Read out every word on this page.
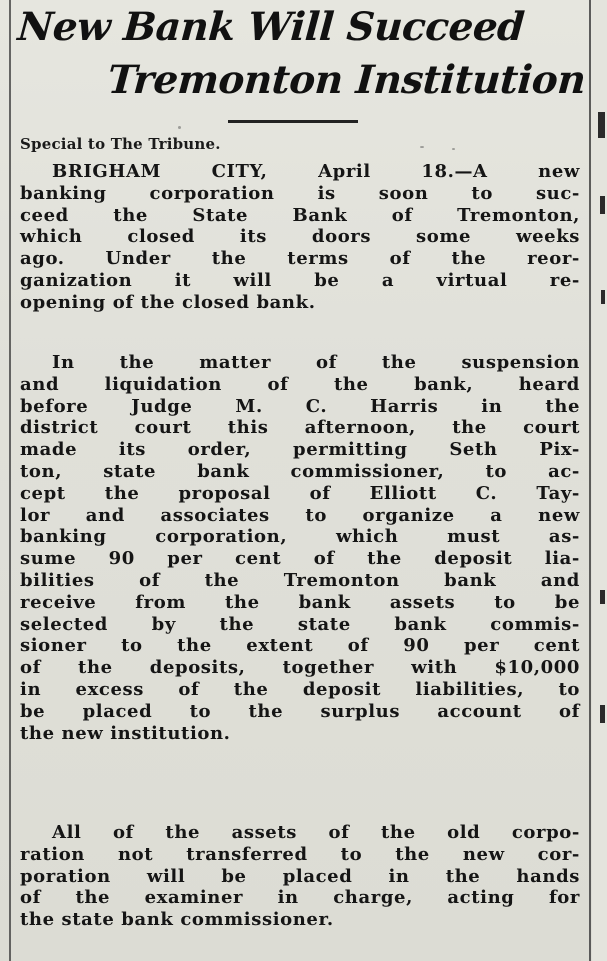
New Bank Will Succeed
Tremonton Institution
Special to The Tribune.
BRIGHAM CITY, April 18.—A new
banking corporation is soon to suc-
ceed the State Bank of Tremonton,
which closed its doors some weeks
ago. Under the terms of the reor-
ganization it will be a virtual re-
opening of the closed bank.
In the matter of the suspension
and liquidation of the bank, heard
before Judge M. C. Harris in the
district court this afternoon, the court
made its order, permitting Seth Pix-
ton, state bank commissioner, to ac-
cept the proposal of Elliott C. Tay-
lor and associates to organize a new
banking corporation, which must as-
sume 90 per cent of the deposit lia-
bilities of the Tremonton bank and
receive from the bank assets to be
selected by the state bank commis-
sioner to the extent of 90 per cent
of the deposits, together with $10,000
in excess of the deposit liabilities, to
be placed to the surplus account of
the new institution.
All of the assets of the old corpo-
ration not transferred to the new cor-
poration will be placed in the hands
of the examiner in charge, acting for
the state bank commissioner.
